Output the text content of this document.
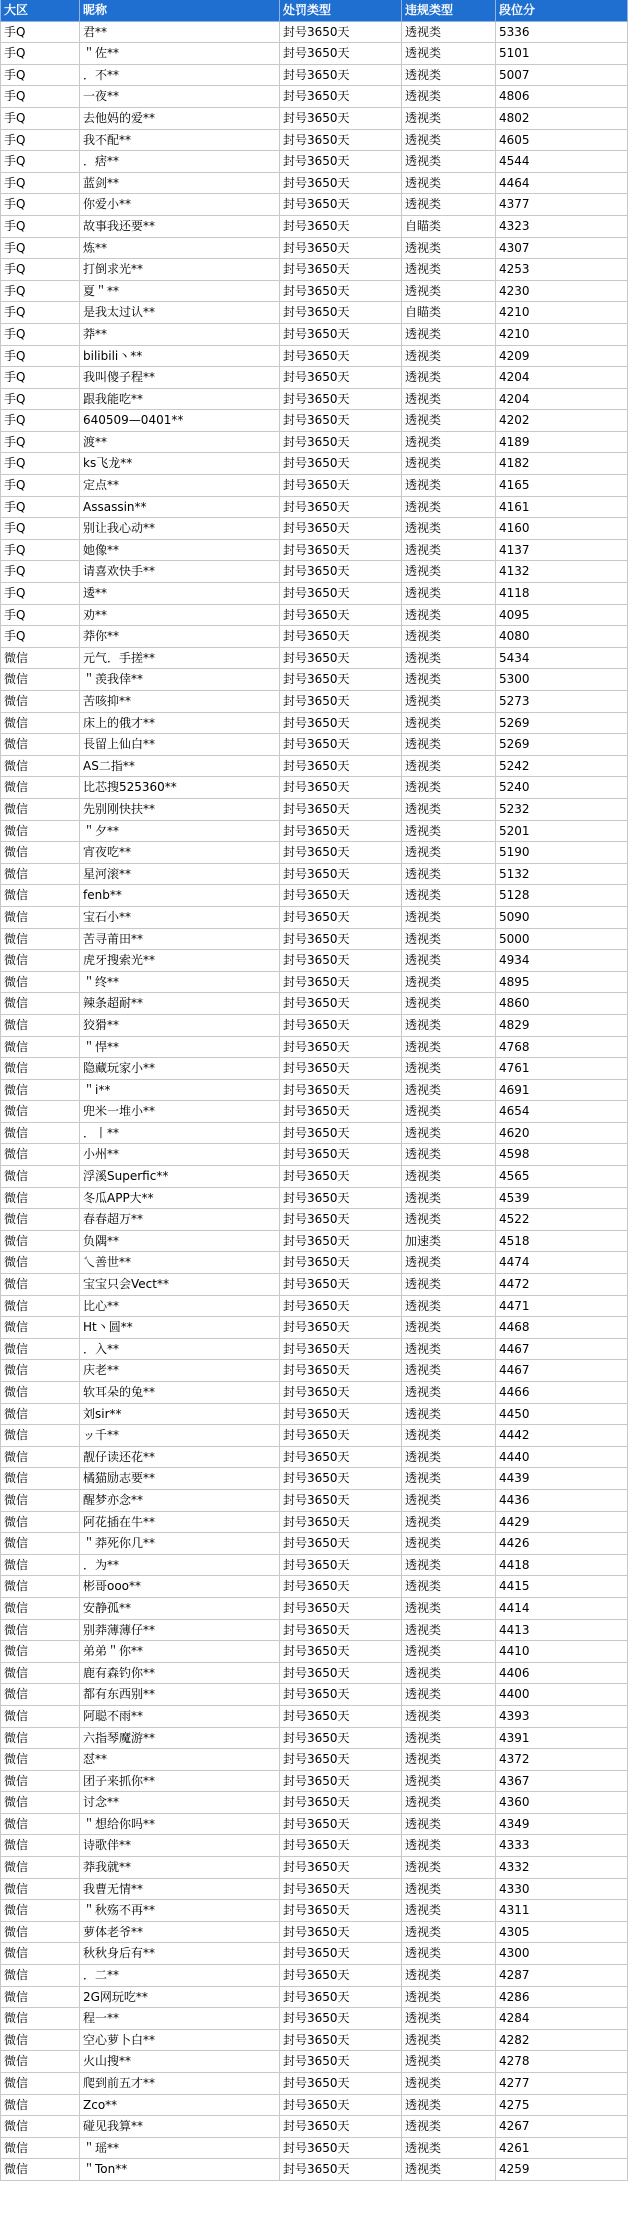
大区	昵称	处罚类型	违规类型	段位分
手Q	君**	封号3650天	透视类	5336
手Q	＂佐**	封号3650天	透视类	5101
手Q	．不**	封号3650天	透视类	5007
手Q	一夜**	封号3650天	透视类	4806
手Q	去他妈的爱**	封号3650天	透视类	4802
手Q	我不配**	封号3650天	透视类	4605
手Q	．痞**	封号3650天	透视类	4544
手Q	蓝剑**	封号3650天	透视类	4464
手Q	你爱小**	封号3650天	透视类	4377
手Q	故事我还要**	封号3650天	自瞄类	4323
手Q	炼**	封号3650天	透视类	4307
手Q	打倒求光**	封号3650天	透视类	4253
手Q	夏＂**	封号3650天	透视类	4230
手Q	是我太过认**	封号3650天	自瞄类	4210
手Q	莽**	封号3650天	透视类	4210
手Q	bilibili丶**	封号3650天	透视类	4209
手Q	我叫傻子程**	封号3650天	透视类	4204
手Q	跟我能吃**	封号3650天	透视类	4204
手Q	640509—0401**	封号3650天	透视类	4202
手Q	渡**	封号3650天	透视类	4189
手Q	ks飞龙**	封号3650天	透视类	4182
手Q	定点**	封号3650天	透视类	4165
手Q	Assassin**	封号3650天	透视类	4161
手Q	别让我心动**	封号3650天	透视类	4160
手Q	她像**	封号3650天	透视类	4137
手Q	请喜欢快手**	封号3650天	透视类	4132
手Q	逶**	封号3650天	透视类	4118
手Q	劝**	封号3650天	透视类	4095
手Q	莽你**	封号3650天	透视类	4080
微信	元气．手搓**	封号3650天	透视类	5434
微信	＂羡我倖**	封号3650天	透视类	5300
微信	苦咳抑**	封号3650天	透视类	5273
微信	床上的俄才**	封号3650天	透视类	5269
微信	長留上仙白**	封号3650天	透视类	5269
微信	AS二指**	封号3650天	透视类	5242
微信	比芯搜525360**	封号3650天	透视类	5240
微信	先别刚快扶**	封号3650天	透视类	5232
微信	＂夕**	封号3650天	透视类	5201
微信	宵夜吃**	封号3650天	透视类	5190
微信	星河滚**	封号3650天	透视类	5132
微信	fenb**	封号3650天	透视类	5128
微信	宝石小**	封号3650天	透视类	5090
微信	苦寻莆田**	封号3650天	透视类	5000
微信	虎牙搜索光**	封号3650天	透视类	4934
微信	＂终**	封号3650天	透视类	4895
微信	辣条超耐**	封号3650天	透视类	4860
微信	狡猾**	封号3650天	透视类	4829
微信	＂悍**	封号3650天	透视类	4768
微信	隐藏玩家小**	封号3650天	透视类	4761
微信	＂i**	封号3650天	透视类	4691
微信	兜米一堆小**	封号3650天	透视类	4654
微信	．丨**	封号3650天	透视类	4620
微信	小州**	封号3650天	透视类	4598
微信	浮溪Superfic**	封号3650天	透视类	4565
微信	冬瓜APP大**	封号3650天	透视类	4539
微信	春春超万**	封号3650天	透视类	4522
微信	负隅**	封号3650天	加速类	4518
微信	乀善世**	封号3650天	透视类	4474
微信	宝宝只会Vect**	封号3650天	透视类	4472
微信	比心**	封号3650天	透视类	4471
微信	Ht丶圆**	封号3650天	透视类	4468
微信	．入**	封号3650天	透视类	4467
微信	庆老**	封号3650天	透视类	4467
微信	软耳朵的兔**	封号3650天	透视类	4466
微信	刘sir**	封号3650天	透视类	4450
微信	ッ千**	封号3650天	透视类	4442
微信	靓仔读还花**	封号3650天	透视类	4440
微信	橘猫励志要**	封号3650天	透视类	4439
微信	醒梦亦念**	封号3650天	透视类	4436
微信	阿花插在牛**	封号3650天	透视类	4429
微信	＂莽死你几**	封号3650天	透视类	4426
微信	．为**	封号3650天	透视类	4418
微信	彬哥ooo**	封号3650天	透视类	4415
微信	安静孤**	封号3650天	透视类	4414
微信	别莽薄薄仔**	封号3650天	透视类	4413
微信	弟弟＂你**	封号3650天	透视类	4410
微信	鹿有森钓你**	封号3650天	透视类	4406
微信	都有东西别**	封号3650天	透视类	4400
微信	阿聪不雨**	封号3650天	透视类	4393
微信	六指琴魔游**	封号3650天	透视类	4391
微信	怼**	封号3650天	透视类	4372
微信	团子来抓你**	封号3650天	透视类	4367
微信	讨念**	封号3650天	透视类	4360
微信	＂想给你吗**	封号3650天	透视类	4349
微信	诗歌伴**	封号3650天	透视类	4333
微信	莽我就**	封号3650天	透视类	4332
微信	我曹无情**	封号3650天	透视类	4330
微信	＂秋殇不再**	封号3650天	透视类	4311
微信	萝体老爷**	封号3650天	透视类	4305
微信	秋秋身后有**	封号3650天	透视类	4300
微信	．二**	封号3650天	透视类	4287
微信	2G网玩吃**	封号3650天	透视类	4286
微信	程一**	封号3650天	透视类	4284
微信	空心萝卜白**	封号3650天	透视类	4282
微信	火山搜**	封号3650天	透视类	4278
微信	爬到前五才**	封号3650天	透视类	4277
微信	Zco**	封号3650天	透视类	4275
微信	碰见我算**	封号3650天	透视类	4267
微信	＂瑶**	封号3650天	透视类	4261
微信	＂Ton**	封号3650天	透视类	4259
